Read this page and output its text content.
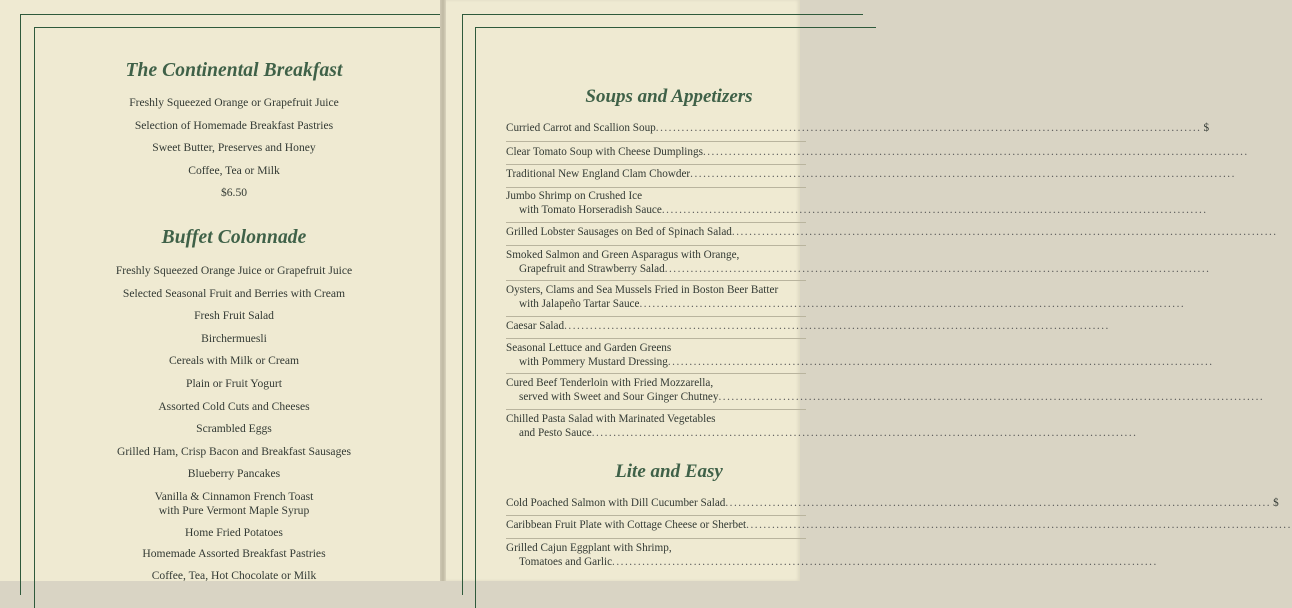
The Continental Breakfast
Freshly Squeezed Orange or Grapefruit Juice
Selection of Homemade Breakfast Pastries
Sweet Butter, Preserves and Honey
Coffee, Tea or Milk
$6.50
Buffet Colonnade
Freshly Squeezed Orange Juice or Grapefruit Juice
Selected Seasonal Fruit and Berries with Cream
Fresh Fruit Salad
Birchermuesli
Cereals with Milk or Cream
Plain or Fruit Yogurt
Assorted Cold Cuts and Cheeses
Scrambled Eggs
Grilled Ham, Crisp Bacon and Breakfast Sausages
Blueberry Pancakes
Vanilla & Cinnamon French Toast
with Pure Vermont Maple Syrup
Home Fried Potatoes
Homemade Assorted Breakfast Pastries
Coffee, Tea, Hot Chocolate or Milk
Soups and Appetizers
Curried Carrot and Scallion Soup .....	$
Clear Tomato Soup with Cheese Dumplings
.....
Traditional New England Clam Chowder
.....
Jumbo Shrimp on Crushed Ice
with Tomato Horseradish Sauce
.....
Grilled Lobster Sausages on Bed of Spinach Salad
.....
Smoked Salmon and Green Asparagus with Orange,
Grapefruit and Strawberry Salad
.....
Oysters, Clams and Sea Mussels Fried in Boston Beer Batter
with Jalapeño Tartar Sauce
.....
Caesar Salad
.....
Seasonal Lettuce and Garden Greens
with Pommery Mustard Dressing
.....
Cured Beef Tenderloin with Fried Mozzarella,
served with Sweet and Sour Ginger Chutney
.....
Chilled Pasta Salad with Marinated Vegetables
and Pesto Sauce
.....
Lite and Easy
Cold Poached Salmon with Dill Cucumber Salad .....	$
Caribbean Fruit Plate with Cottage Cheese or Sherbet
.....
Grilled Cajun Eggplant with Shrimp,
Tomatoes and Garlic
.....
